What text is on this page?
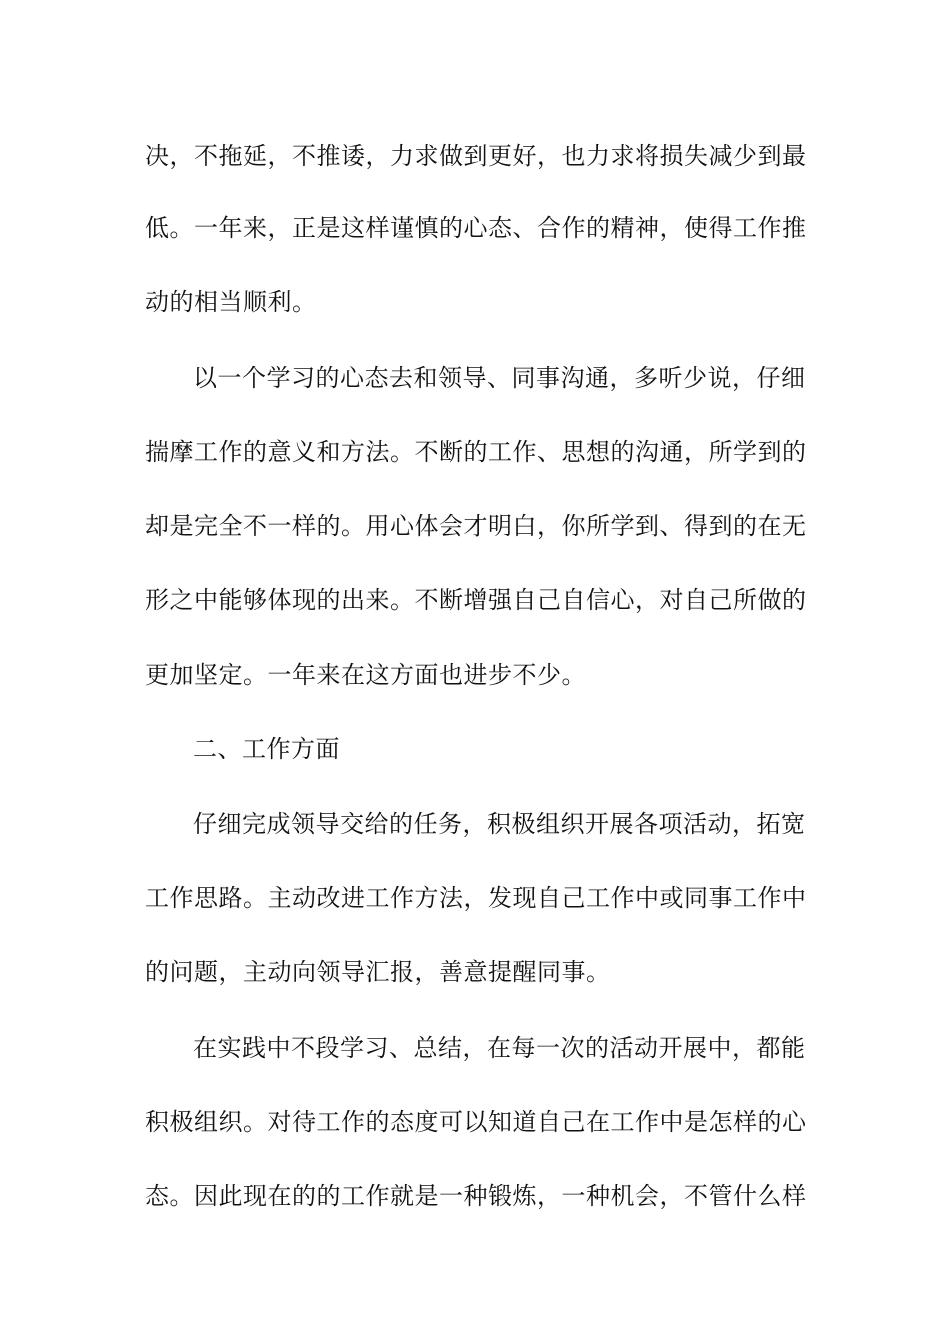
决，不拖延，不推诿，力求做到更好，也力求将损失减少到最
低。一年来，正是这样谨慎的心态、合作的精神，使得工作推
动的相当顺利。
以一个学习的心态去和领导、同事沟通，多听少说，仔细
揣摩工作的意义和方法。不断的工作、思想的沟通，所学到的
却是完全不一样的。用心体会才明白，你所学到、得到的在无
形之中能够体现的出来。不断增强自己自信心，对自己所做的
更加坚定。一年来在这方面也进步不少。
二、工作方面
仔细完成领导交给的任务，积极组织开展各项活动，拓宽
工作思路。主动改进工作方法，发现自己工作中或同事工作中
的问题，主动向领导汇报，善意提醒同事。
在实践中不段学习、总结，在每一次的活动开展中，都能
积极组织。对待工作的态度可以知道自己在工作中是怎样的心
态。因此现在的的工作就是一种锻炼，一种机会，不管什么样
